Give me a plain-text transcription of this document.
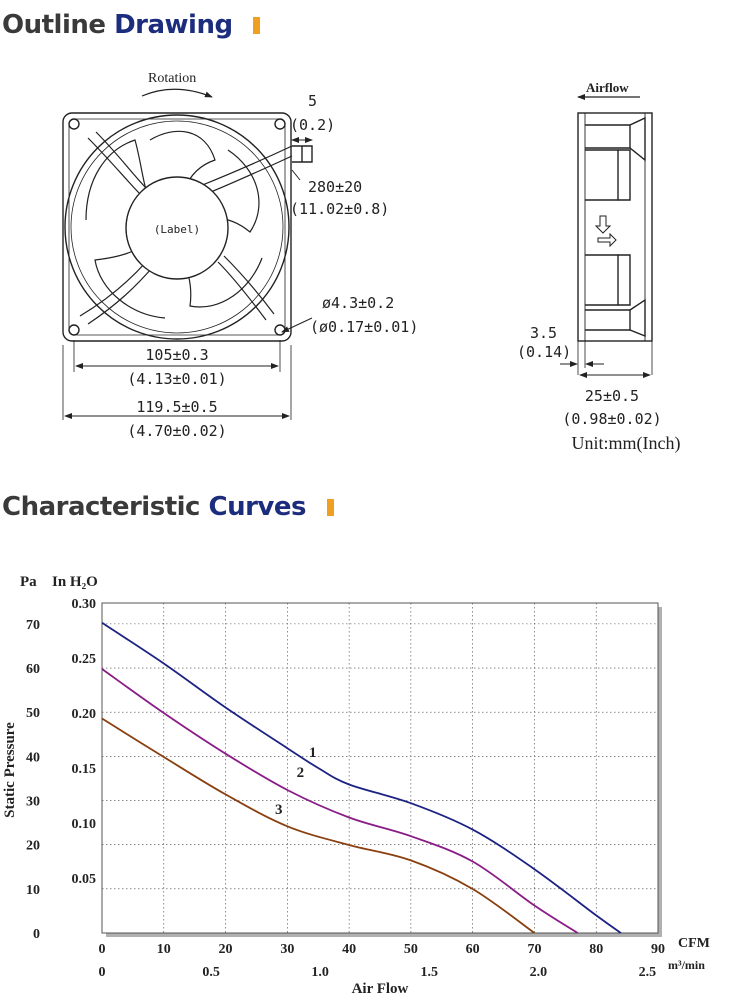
Outline Drawing
(Label)
Rotation
5
(0.2)
280±20
(11.02±0.8)
ø4.3±0.2
(ø0.17±0.01)
105±0.3
(4.13±0.01)
119.5±0.5
(4.70±0.02)
Airflow
3.5
(0.14)
25±0.5
(0.98±0.02)
Unit:mm(Inch)
Characteristic Curves
0	10	20	30	40	50	60	70	80	90
0
10
20
30
40
50
60
70
0.05
0.10
0.15
0.20
0.25
0.30
0	0.5	1.0	1.5	2.0	2.5
1
2
3
Pa In H₂O
Static Pressure
CFM
m³/min
Air Flow
